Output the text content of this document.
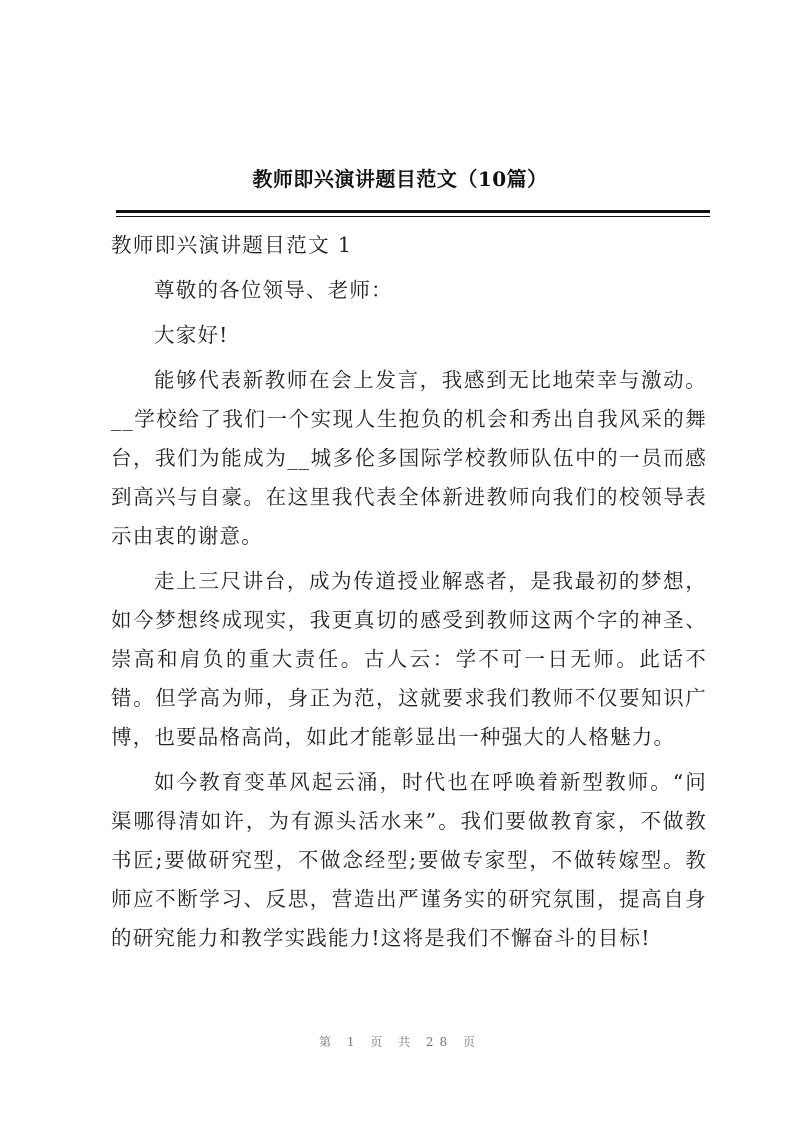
教师即兴演讲题目范文（10篇）
教师即兴演讲题目范文 1

尊敬的各位领导、老师：

大家好!

能够代表新教师在会上发言，我感到无比地荣幸与激动。__学校给了我们一个实现人生抱负的机会和秀出自我风采的舞台，我们为能成为__城多伦多国际学校教师队伍中的一员而感到高兴与自豪。在这里我代表全体新进教师向我们的校领导表示由衷的谢意。

走上三尺讲台，成为传道授业解惑者，是我最初的梦想，如今梦想终成现实，我更真切的感受到教师这两个字的神圣、崇高和肩负的重大责任。古人云：学不可一日无师。此话不错。但学高为师，身正为范，这就要求我们教师不仅要知识广博，也要品格高尚，如此才能彰显出一种强大的人格魅力。

如今教育变革风起云涌，时代也在呼唤着新型教师。“问渠哪得清如许，为有源头活水来”。我们要做教育家，不做教书匠;要做研究型，不做念经型;要做专家型，不做转嫁型。教师应不断学习、反思，营造出严谨务实的研究氛围，提高自身的研究能力和教学实践能力!这将是我们不懈奋斗的目标!

第 1 页 共 28 页
